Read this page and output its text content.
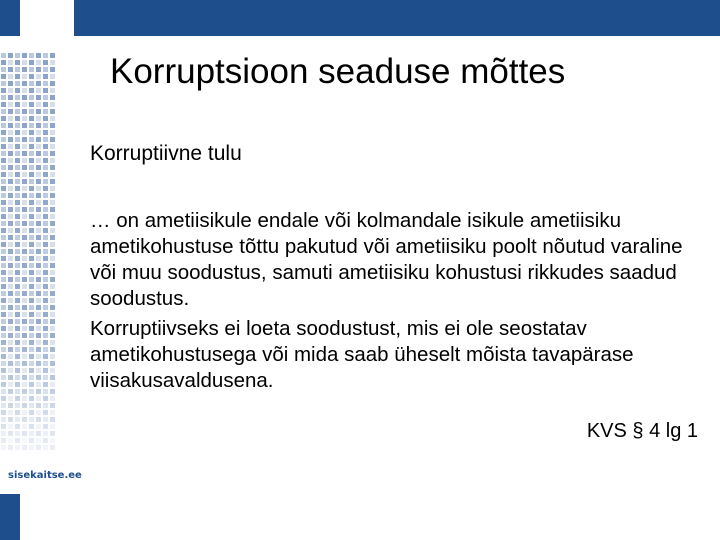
sisekaitse.ee
Korruptsioon seaduse mõttes
Korruptiivne tulu

… on ametiisikule endale või kolmandale isikule ametiisiku ametikohustuse tõttu pakutud või ametiisiku poolt nõutud varaline või muu soodustus, samuti ametiisiku kohustusi rikkudes saadud soodustus.

Korruptiivseks ei loeta soodustust, mis ei ole seostatav ametikohustusega või mida saab üheselt mõista tavapärase viisakusavaldusena.

KVS § 4 lg 1
